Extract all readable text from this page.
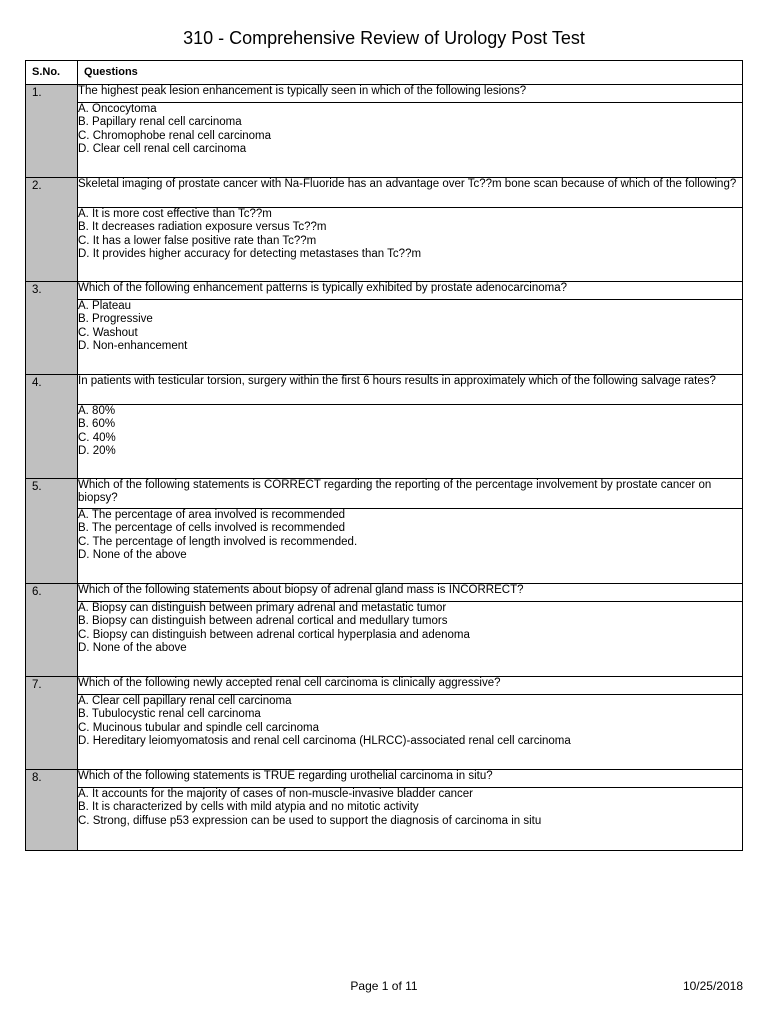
310 - Comprehensive Review of Urology Post Test
S.No.	Questions

1.	The highest peak lesion enhancement is typically seen in which of the following lesions?

	A. Oncocytoma
B. Papillary renal cell carcinoma
C. Chromophobe renal cell carcinoma
D. Clear cell renal cell carcinoma

2.	Skeletal imaging of prostate cancer with Na-Fluoride has an advantage over Tc??m bone scan because of which of the following?

	A. It is more cost effective than Tc??m
B. It decreases radiation exposure versus Tc??m
C. It has a lower false positive rate than Tc??m
D. It provides higher accuracy for detecting metastases than Tc??m

3.	Which of the following enhancement patterns is typically exhibited by prostate adenocarcinoma?

	A. Plateau
B. Progressive
C. Washout
D. Non-enhancement

4.	In patients with testicular torsion, surgery within the first 6 hours results in approximately which of the following salvage rates?

	A. 80%
B. 60%
C. 40%
D. 20%

5.	Which of the following statements is CORRECT regarding the reporting of the percentage involvement by prostate cancer on biopsy?

	A. The percentage of area involved is recommended
B. The percentage of cells involved is recommended
C. The percentage of length involved is recommended.
D. None of the above

6.	Which of the following statements about biopsy of adrenal gland mass is INCORRECT?

	A. Biopsy can distinguish between primary adrenal and metastatic tumor
B. Biopsy can distinguish between adrenal cortical and medullary tumors
C. Biopsy can distinguish between adrenal cortical hyperplasia and adenoma
D. None of the above

7.	Which of the following newly accepted renal cell carcinoma is clinically aggressive?

	A. Clear cell papillary renal cell carcinoma
B. Tubulocystic renal cell carcinoma
C. Mucinous tubular and spindle cell carcinoma
D. Hereditary leiomyomatosis and renal cell carcinoma (HLRCC)-associated renal cell carcinoma

8.	Which of the following statements is TRUE regarding urothelial carcinoma in situ?

	A. It accounts for the majority of cases of non-muscle-invasive bladder cancer
B. It is characterized by cells with mild atypia and no mitotic activity
C. Strong, diffuse p53 expression can be used to support the diagnosis of carcinoma in situ
Page 1 of 11	10/25/2018
